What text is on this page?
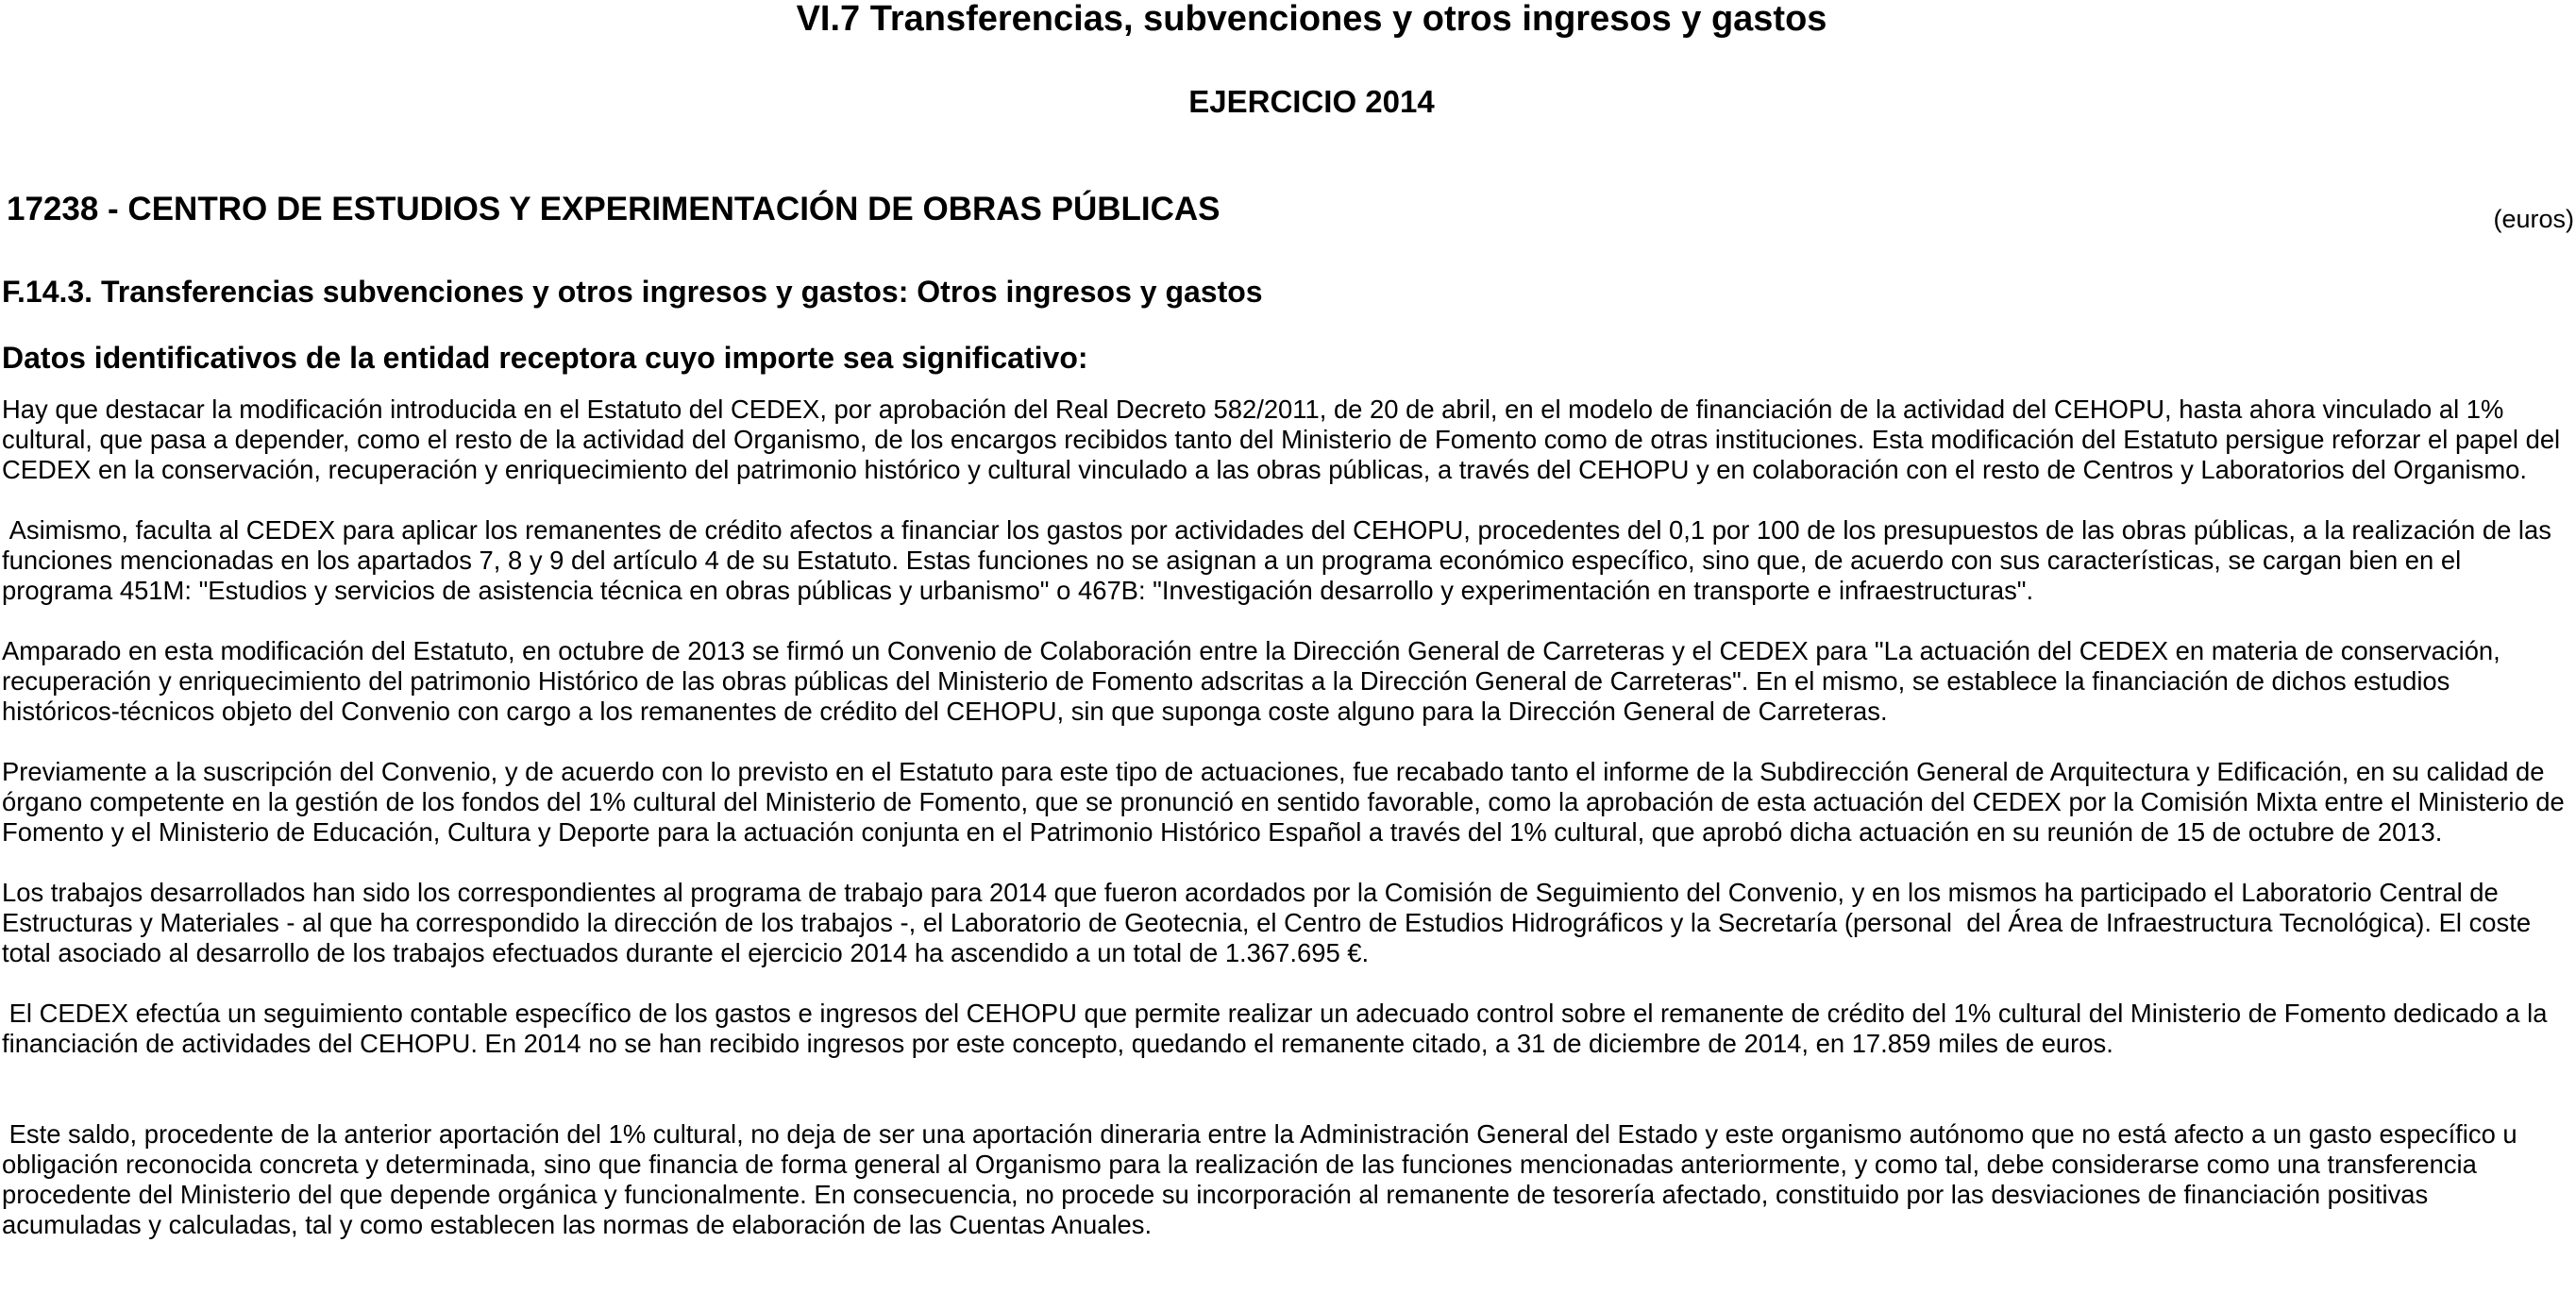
VI.7 Transferencias, subvenciones y otros ingresos y gastos
EJERCICIO 2014
17238 - CENTRO DE ESTUDIOS Y EXPERIMENTACIÓN DE OBRAS PÚBLICAS	(euros)
F.14.3. Transferencias subvenciones y otros ingresos y gastos: Otros ingresos y gastos
Datos identificativos de la entidad receptora cuyo importe sea significativo:

Hay que destacar la modificación introducida en el Estatuto del CEDEX, por aprobación del Real Decreto 582/2011, de 20 de abril, en el modelo de financiación de la actividad del CEHOPU, hasta ahora vinculado al 1% cultural, que pasa a depender, como el resto de la actividad del Organismo, de los encargos recibidos tanto del Ministerio de Fomento como de otras instituciones. Esta modificación del Estatuto persigue reforzar el papel del CEDEX en la conservación, recuperación y enriquecimiento del patrimonio histórico y cultural vinculado a las obras públicas, a través del CEHOPU y en colaboración con el resto de Centros y Laboratorios del Organismo.

Asimismo, faculta al CEDEX para aplicar los remanentes de crédito afectos a financiar los gastos por actividades del CEHOPU, procedentes del 0,1 por 100 de los presupuestos de las obras públicas, a la realización de las funciones mencionadas en los apartados 7, 8 y 9 del artículo 4 de su Estatuto. Estas funciones no se asignan a un programa económico específico, sino que, de acuerdo con sus características, se cargan bien en el programa 451M: "Estudios y servicios de asistencia técnica en obras públicas y urbanismo" o 467B: "Investigación desarrollo y experimentación en transporte e infraestructuras".

Amparado en esta modificación del Estatuto, en octubre de 2013 se firmó un Convenio de Colaboración entre la Dirección General de Carreteras y el CEDEX para "La actuación del CEDEX en materia de conservación, recuperación y enriquecimiento del patrimonio Histórico de las obras públicas del Ministerio de Fomento adscritas a la Dirección General de Carreteras". En el mismo, se establece la financiación de dichos estudios históricos-técnicos objeto del Convenio con cargo a los remanentes de crédito del CEHOPU, sin que suponga coste alguno para la Dirección General de Carreteras.

Previamente a la suscripción del Convenio, y de acuerdo con lo previsto en el Estatuto para este tipo de actuaciones, fue recabado tanto el informe de la Subdirección General de Arquitectura y Edificación, en su calidad de órgano competente en la gestión de los fondos del 1% cultural del Ministerio de Fomento, que se pronunció en sentido favorable, como la aprobación de esta actuación del CEDEX por la Comisión Mixta entre el Ministerio de Fomento y el Ministerio de Educación, Cultura y Deporte para la actuación conjunta en el Patrimonio Histórico Español a través del 1% cultural, que aprobó dicha actuación en su reunión de 15 de octubre de 2013.

Los trabajos desarrollados han sido los correspondientes al programa de trabajo para 2014 que fueron acordados por la Comisión de Seguimiento del Convenio, y en los mismos ha participado el Laboratorio Central de Estructuras y Materiales - al que ha correspondido la dirección de los trabajos -, el Laboratorio de Geotecnia, el Centro de Estudios Hidrográficos y la Secretaría (personal  del Área de Infraestructura Tecnológica). El coste total asociado al desarrollo de los trabajos efectuados durante el ejercicio 2014 ha ascendido a un total de 1.367.695 €.

El CEDEX efectúa un seguimiento contable específico de los gastos e ingresos del CEHOPU que permite realizar un adecuado control sobre el remanente de crédito del 1% cultural del Ministerio de Fomento dedicado a la financiación de actividades del CEHOPU. En 2014 no se han recibido ingresos por este concepto, quedando el remanente citado, a 31 de diciembre de 2014, en 17.859 miles de euros.

Este saldo, procedente de la anterior aportación del 1% cultural, no deja de ser una aportación dineraria entre la Administración General del Estado y este organismo autónomo que no está afecto a un gasto específico u obligación reconocida concreta y determinada, sino que financia de forma general al Organismo para la realización de las funciones mencionadas anteriormente, y como tal, debe considerarse como una transferencia  procedente del Ministerio del que depende orgánica y funcionalmente. En consecuencia, no procede su incorporación al remanente de tesorería afectado, constituido por las desviaciones de financiación positivas acumuladas y calculadas, tal y como establecen las normas de elaboración de las Cuentas Anuales.
